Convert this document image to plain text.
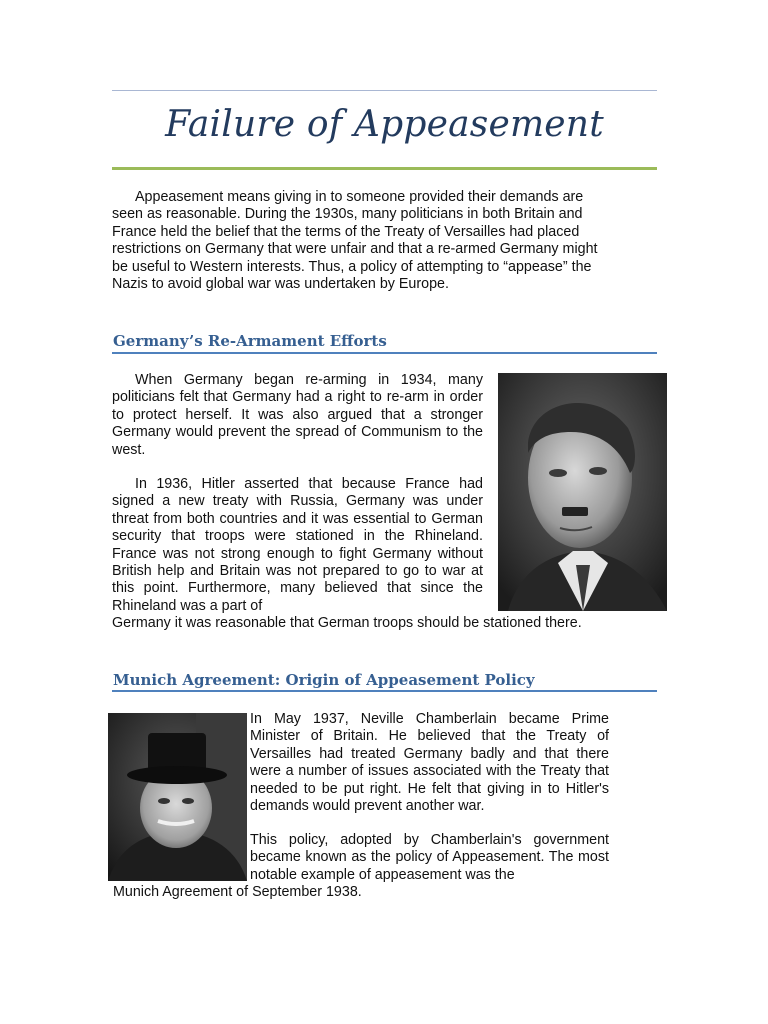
Failure of Appeasement

Appeasement means giving in to someone provided their demands are seen as reasonable. During the 1930s, many politicians in both Britain and France held the belief that the terms of the Treaty of Versailles had placed restrictions on Germany that were unfair and that a re-armed Germany might be useful to Western interests. Thus, a policy of attempting to “appease” the Nazis to avoid global war was undertaken by Europe.

Germany’s Re-Armament Efforts

When Germany began re-arming in 1934, many politicians felt that Germany had a right to re-arm in order to protect herself. It was also argued that a stronger Germany would prevent the spread of Communism to the west.

In 1936, Hitler asserted that because France had signed a new treaty with Russia, Germany was under threat from both countries and it was essential to German security that troops were stationed in the Rhineland. France was not strong enough to fight Germany without British help and Britain was not prepared to go to war at this point. Furthermore, many believed that since the Rhineland was a part of

Germany it was reasonable that German troops should be stationed there.

Munich Agreement: Origin of Appeasement Policy

In May 1937, Neville Chamberlain became Prime Minister of Britain. He believed that the Treaty of Versailles had treated Germany badly and that there were a number of issues associated with the Treaty that needed to be put right. He felt that giving in to Hitler's demands would prevent another war.

This policy, adopted by Chamberlain's government became known as the policy of Appeasement. The most notable example of appeasement was the

Munich Agreement of September 1938.
